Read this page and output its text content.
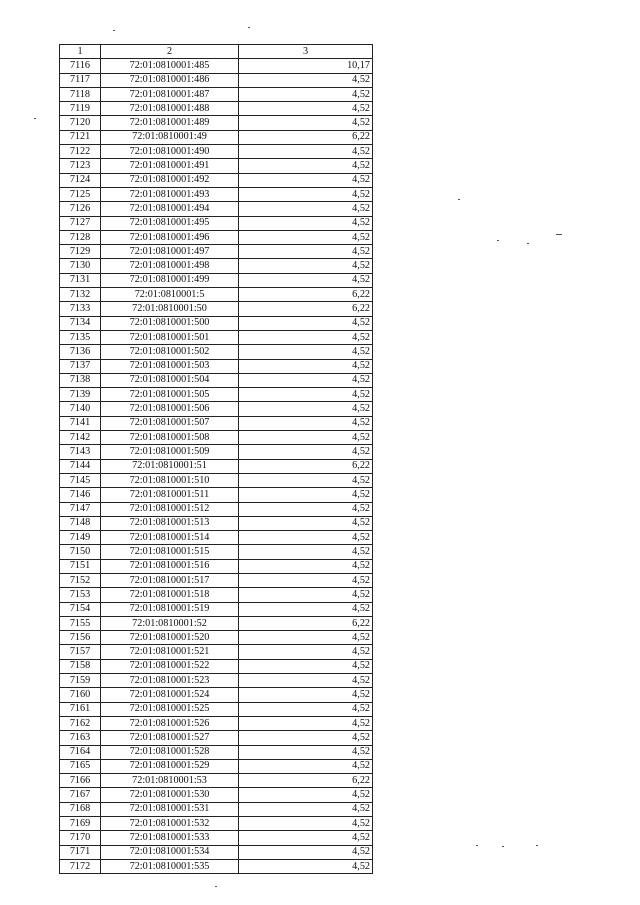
1	2	3
7116	72:01:0810001:485	10,17
7117	72:01:0810001:486	4,52
7118	72:01:0810001:487	4,52
7119	72:01:0810001:488	4,52
7120	72:01:0810001:489	4,52
7121	72:01:0810001:49	6,22
7122	72:01:0810001:490	4,52
7123	72:01:0810001:491	4,52
7124	72:01:0810001:492	4,52
7125	72:01:0810001:493	4,52
7126	72:01:0810001:494	4,52
7127	72:01:0810001:495	4,52
7128	72:01:0810001:496	4,52
7129	72:01:0810001:497	4,52
7130	72:01:0810001:498	4,52
7131	72:01:0810001:499	4,52
7132	72:01:0810001:5	6,22
7133	72:01:0810001:50	6,22
7134	72:01:0810001:500	4,52
7135	72:01:0810001:501	4,52
7136	72:01:0810001:502	4,52
7137	72:01:0810001:503	4,52
7138	72:01:0810001:504	4,52
7139	72:01:0810001:505	4,52
7140	72:01:0810001:506	4,52
7141	72:01:0810001:507	4,52
7142	72:01:0810001:508	4,52
7143	72:01:0810001:509	4,52
7144	72:01:0810001:51	6,22
7145	72:01:0810001:510	4,52
7146	72:01:0810001:511	4,52
7147	72:01:0810001:512	4,52
7148	72:01:0810001:513	4,52
7149	72:01:0810001:514	4,52
7150	72:01:0810001:515	4,52
7151	72:01:0810001:516	4,52
7152	72:01:0810001:517	4,52
7153	72:01:0810001:518	4,52
7154	72:01:0810001:519	4,52
7155	72:01:0810001:52	6,22
7156	72:01:0810001:520	4,52
7157	72:01:0810001:521	4,52
7158	72:01:0810001:522	4,52
7159	72:01:0810001:523	4,52
7160	72:01:0810001:524	4,52
7161	72:01:0810001:525	4,52
7162	72:01:0810001:526	4,52
7163	72:01:0810001:527	4,52
7164	72:01:0810001:528	4,52
7165	72:01:0810001:529	4,52
7166	72:01:0810001:53	6,22
7167	72:01:0810001:530	4,52
7168	72:01:0810001:531	4,52
7169	72:01:0810001:532	4,52
7170	72:01:0810001:533	4,52
7171	72:01:0810001:534	4,52
7172	72:01:0810001:535	4,52
